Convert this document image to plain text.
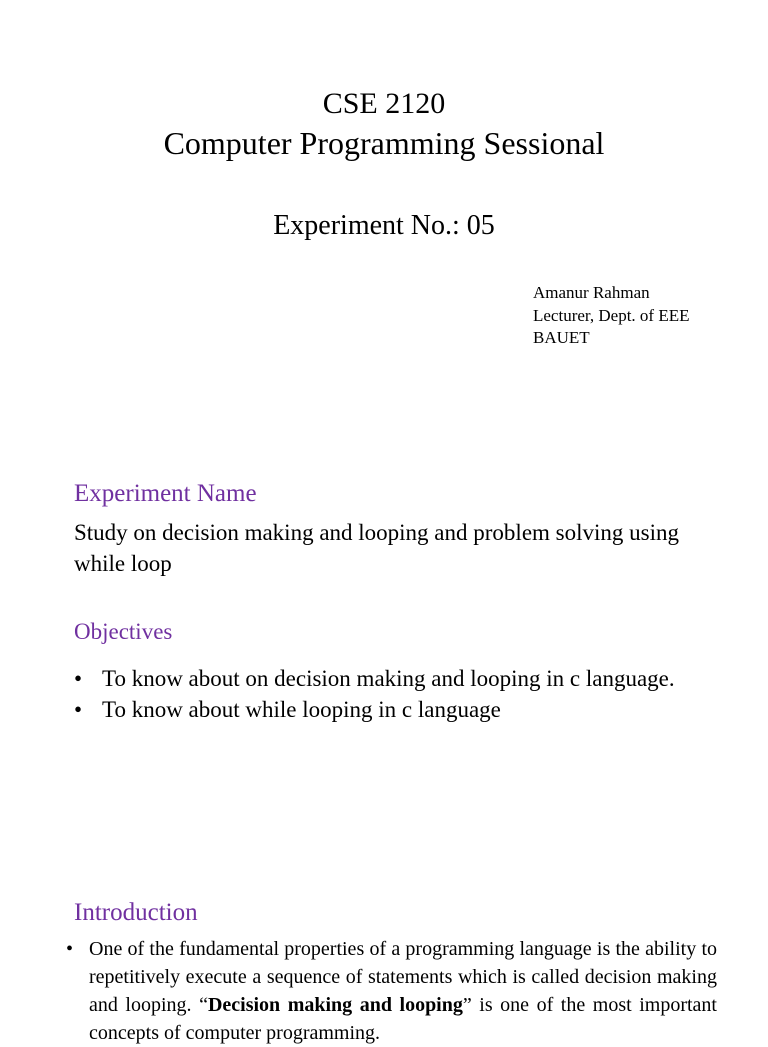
CSE 2120
Computer Programming Sessional
Experiment No.: 05
Amanur Rahman
Lecturer, Dept. of EEE
BAUET
Experiment Name
Study on decision making and looping and problem solving using while loop
Objectives
• To know about on decision making and looping in c language.
• To know about while looping in c language
Introduction
• One of the fundamental properties of a programming language is the ability to repetitively execute a sequence of statements which is called decision making and looping. “Decision making and looping” is one of the most important concepts of computer programming.
